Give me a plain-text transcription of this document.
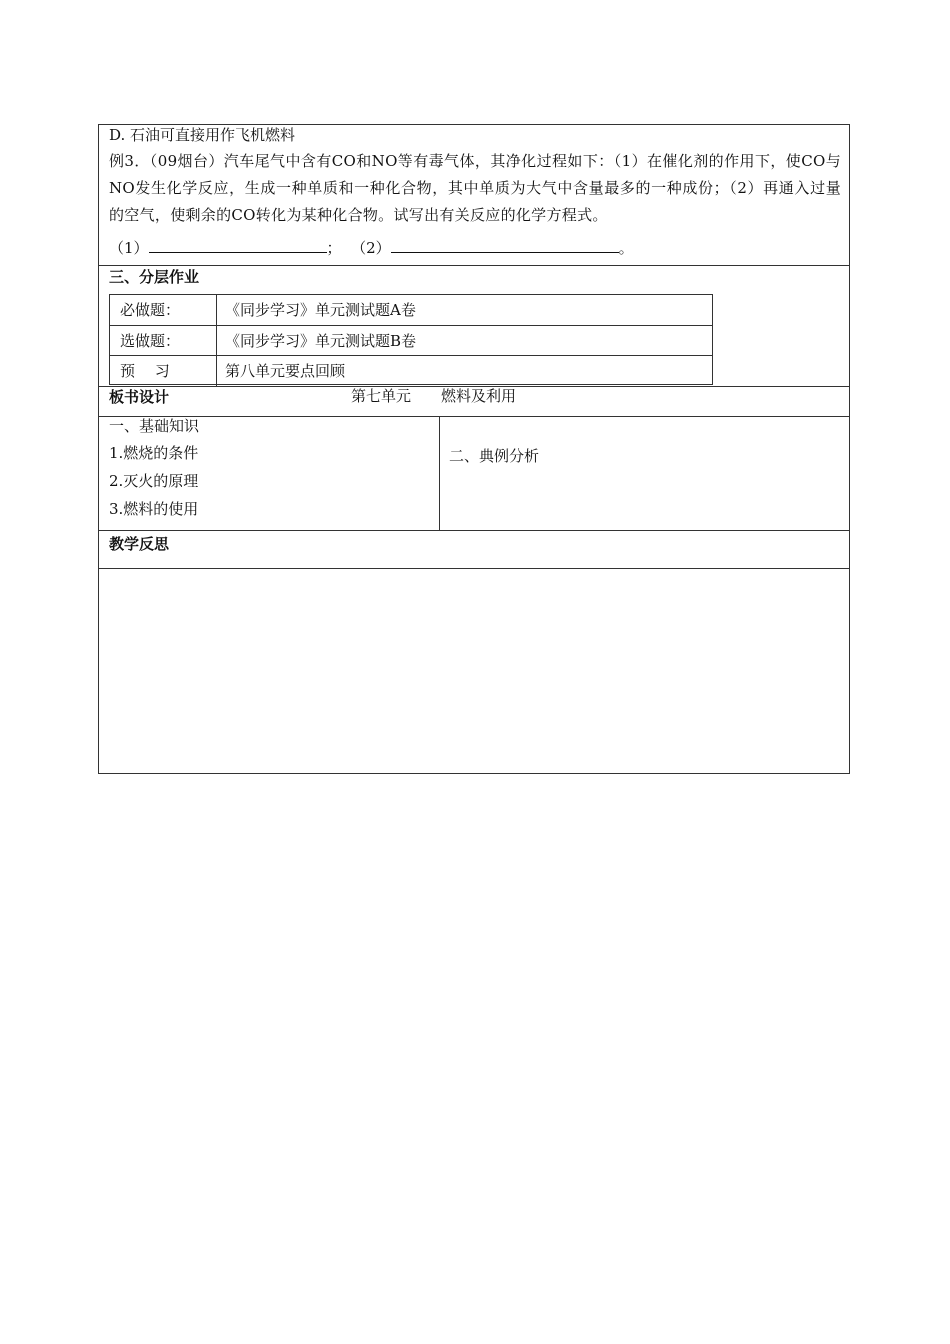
D. 石油可直接用作飞机燃料
例3．（09烟台）汽车尾气中含有CO和NO等有毒气体，其净化过程如下：（1）在催化剂的作用下，使CO与NO发生化学反应，生成一种单质和一种化合物，其中单质为大气中含量最多的一种成份；（2）再通入过量的空气，使剩余的CO转化为某种化合物。试写出有关反应的化学方程式。
（1）	； （2）	。
三、分层作业
必做题：	《同步学习》单元测试题A卷
选做题：	《同步学习》单元测试题B卷
预　 习	第八单元要点回顾
板书设计	第七单元　　燃料及利用
一、基础知识
1.燃烧的条件
2.灭火的原理
3.燃料的使用
二、典例分析
教学反思
